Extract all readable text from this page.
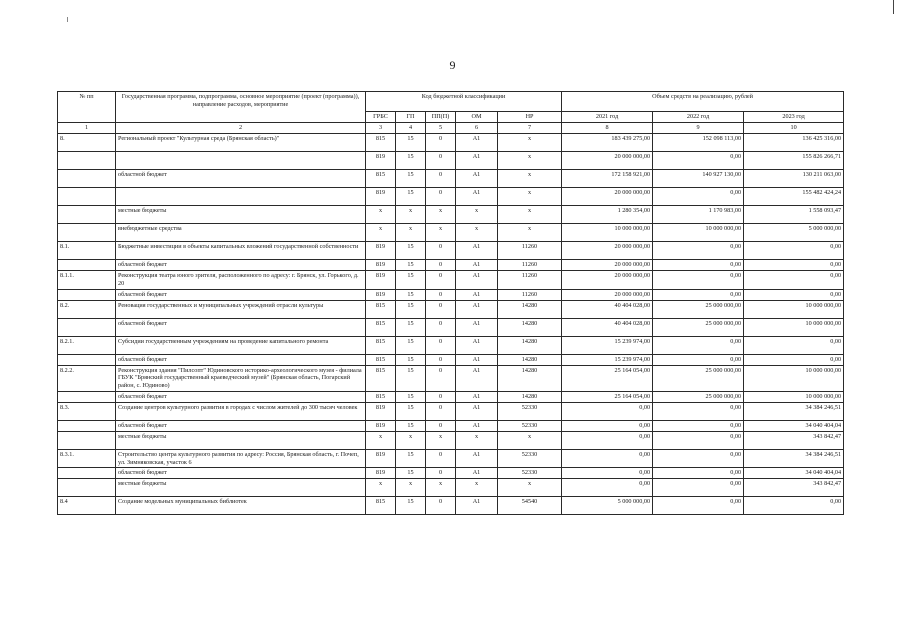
9
№ пп	Государственная программа, подпрограмма, основное мероприятие (проект (программа)), направление расходов, мероприятие	Код бюджетной классификации					Объем средств на реализацию, рублей		
		ГРБС	ГП	ПП(П)	ОМ	НР	2021 год	2022 год	2023 год
1	2	3	4	5	6	7	8	9	10
8.	Региональный проект "Культурная среда (Брянская область)"	815	15	0	A1	x	183 439 275,00	152 098 113,00	136 425 316,00
		819	15	0	A1	x	20 000 000,00	0,00	155 826 266,71
	областной бюджет	815	15	0	A1	x	172 158 921,00	140 927 130,00	130 211 063,00
		819	15	0	A1	x	20 000 000,00	0,00	155 482 424,24
	местные бюджеты	x	x	x	x	x	1 280 354,00	1 170 983,00	1 558 093,47
	внебюджетные средства	x	x	x	x	x	10 000 000,00	10 000 000,00	5 000 000,00
8.1.	Бюджетные инвестиции в объекты капитальных вложений государственной собственности	819	15	0	A1	11260	20 000 000,00	0,00	0,00
	областной бюджет	819	15	0	A1	11260	20 000 000,00	0,00	0,00
8.1.1.	Реконструкция театра юного зрителя, расположенного по адресу: г. Брянск, ул. Горького, д. 20	819	15	0	A1	11260	20 000 000,00	0,00	0,00
	областной бюджет	819	15	0	A1	11260	20 000 000,00	0,00	0,00
8.2.	Реновация государственных и муниципальных учреждений отрасли культуры	815	15	0	A1	14280	40 404 028,00	25 000 000,00	10 000 000,00
	областной бюджет	815	15	0	A1	14280	40 404 028,00	25 000 000,00	10 000 000,00
8.2.1.	Субсидии государственным учреждениям на проведение капитального ремонта	815	15	0	A1	14280	15 239 974,00	0,00	0,00
	областной бюджет	815	15	0	A1	14280	15 239 974,00	0,00	0,00
8.2.2.	Реконструкция здания "Пилсопт" Юдиновского историко-археологического музея - филиала ГБУК "Брянский государственный краеведческий музей" (Брянская область, Погарский район, с. Юдиново)	815	15	0	A1	14280	25 164 054,00	25 000 000,00	10 000 000,00
	областной бюджет	815	15	0	A1	14280	25 164 054,00	25 000 000,00	10 000 000,00
8.3.	Создание центров культурного развития в городах с числом жителей до 300 тысяч человек	819	15	0	A1	52330	0,00	0,00	34 384 246,51
	областной бюджет	819	15	0	A1	52330	0,00	0,00	34 040 404,04
	местные бюджеты	x	x	x	x	x	0,00	0,00	343 842,47
8.3.1.	Строительство центра культурного развития по адресу: Россия, Брянская область, г. Почеп, ул. Зимняковская, участок 6	819	15	0	A1	52330	0,00	0,00	34 384 246,51
	областной бюджет	819	15	0	A1	52330	0,00	0,00	34 040 404,04
	местные бюджеты	x	x	x	x	x	0,00	0,00	343 842,47
8.4	Создание модельных муниципальных библиотек	815	15	0	A1	54540	5 000 000,00	0,00	0,00
